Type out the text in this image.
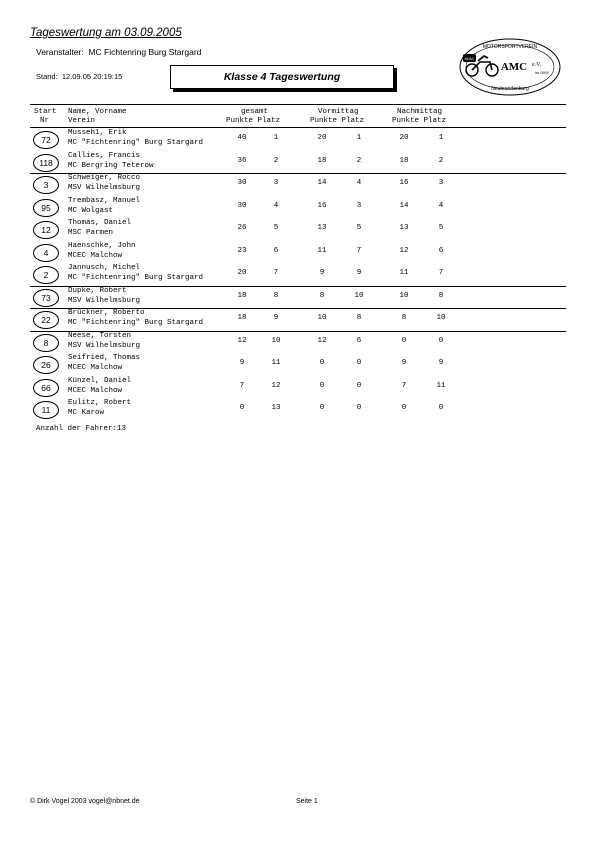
Tageswertung am 03.09.2005
Veranstalter: MC Fichtenring Burg Stargard
Stand: 12.09.05 20:19:15	Klasse 4 Tageswertung
MOTORSPORTVEREIN
ADAC
AMC e.V.
im DMV
Neubrandenburg
Start
Nr
Name, Vorname
Verein
gesamt
Punkte Platz
Vormittag
Punkte Platz
Nachmittag
Punkte Platz
72
Musseh1, Erik
MC "Fichtenring" Burg Stargard
40	1	20	1	20	1
118
Callies, Francis
MC Bergring Teterow
36	2	18	2	18	2
3
Schweiger, Rocco
MSV Wilhelmsburg
30	3	14	4	16	3
95
Trembasz, Manuel
MC Wolgast
30	4	16	3	14	4
12
Thomas, Daniel
MSC Parmen
26	5	13	5	13	5
4
Haenschke, John
MCEC Malchow
23	6	11	7	12	6
2
Jannusch, Michel
MC "Fichtenring" Burg Stargard
20	7	9	9	11	7
73
Dupke, Robert
MSV Wilhelmsburg
18	8	8	10	10	8
22
Brückner, Roberto
MC "Fichtenring" Burg Stargard
18	9	10	8	8	10
8
Neese, Torsten
MSV Wilhelmsburg
12	10	12	6	0	0
26
Seifried, Thomas
MCEC Malchow
9	11	0	0	9	9
66
Künzel, Daniel
MCEC Malchow
7	12	0	0	7	11
11
Eulitz, Robert
MC Karow
0	13	0	0	0	0
Anzahl der Fahrer:13
© Dirk Vogel 2003 vogel@nbnet.de	Seite 1
